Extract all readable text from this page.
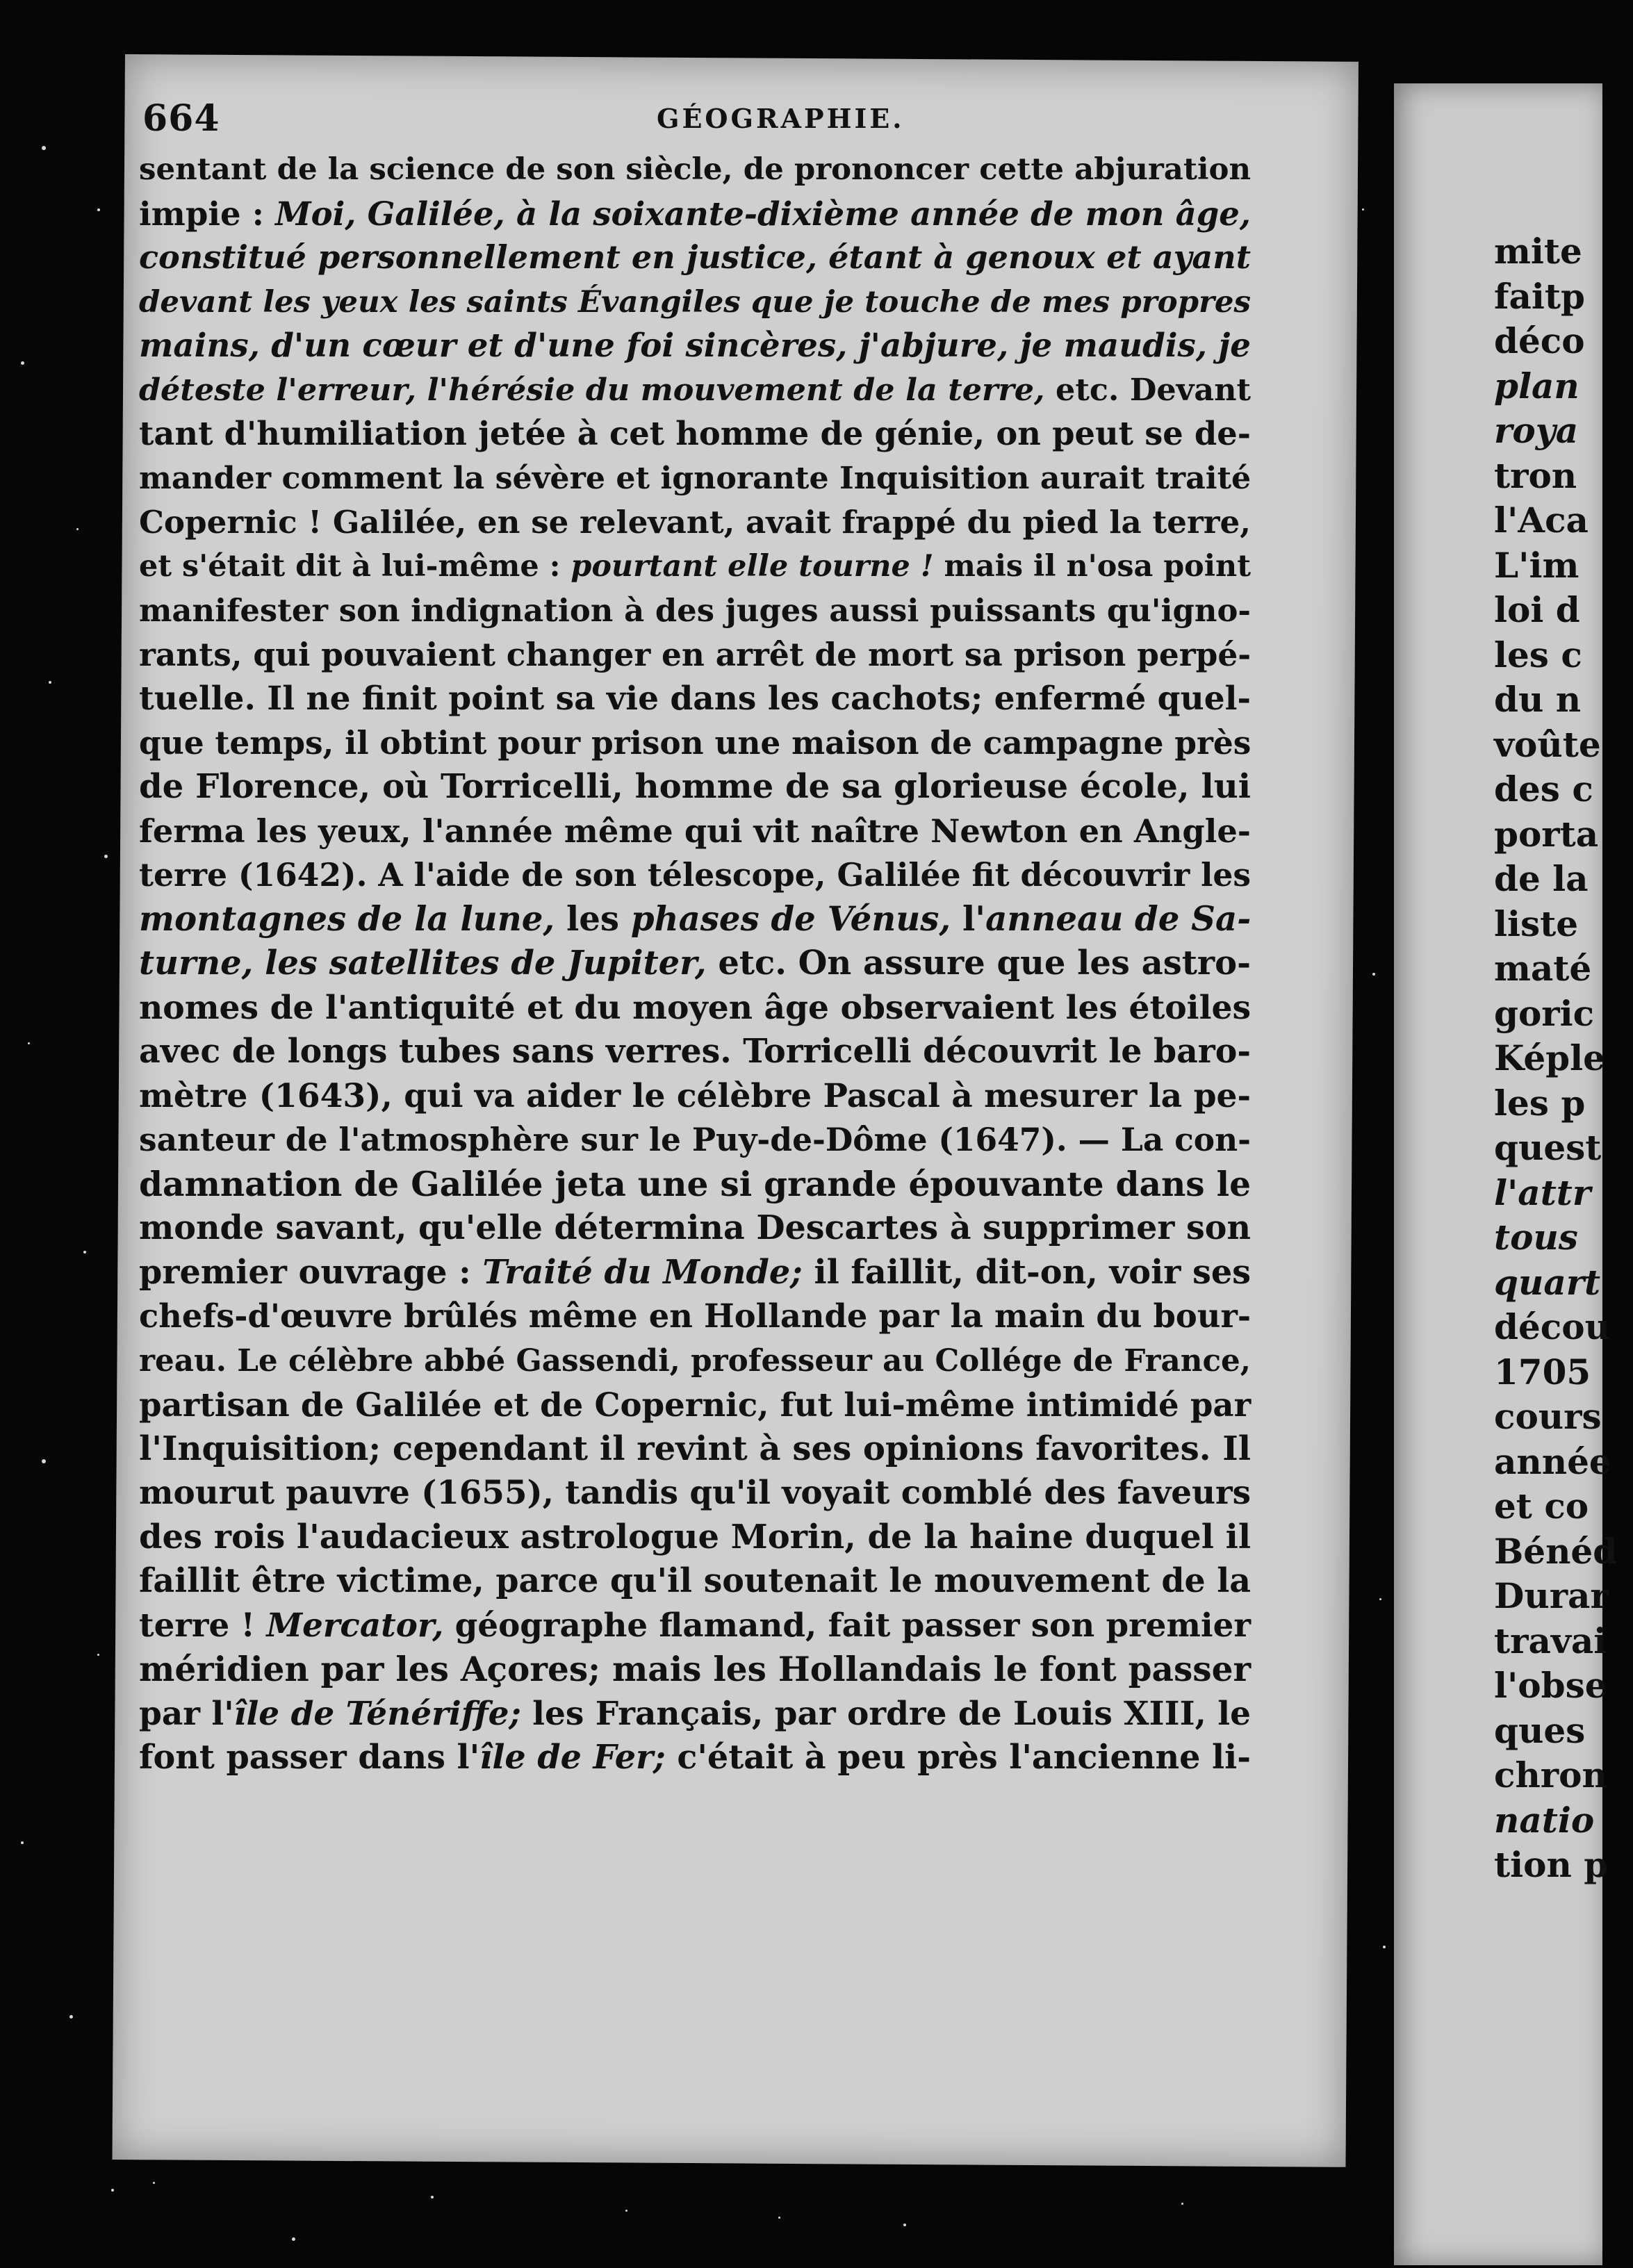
664	GÉOGRAPHIE.
sentant de la science de son siècle, de prononcer cette abjuration
impie : Moi, Galilée, à la soixante-dixième année de mon âge,
constitué personnellement en justice, étant à genoux et ayant
devant les yeux les saints Évangiles que je touche de mes propres
mains, d'un cœur et d'une foi sincères, j'abjure, je maudis, je
déteste l'erreur, l'hérésie du mouvement de la terre, etc. Devant
tant d'humiliation jetée à cet homme de génie, on peut se de-
mander comment la sévère et ignorante Inquisition aurait traité
Copernic ! Galilée, en se relevant, avait frappé du pied la terre,
et s'était dit à lui-même : pourtant elle tourne ! mais il n'osa point
manifester son indignation à des juges aussi puissants qu'igno-
rants, qui pouvaient changer en arrêt de mort sa prison perpé-
tuelle. Il ne finit point sa vie dans les cachots; enfermé quel-
que temps, il obtint pour prison une maison de campagne près
de Florence, où Torricelli, homme de sa glorieuse école, lui
ferma les yeux, l'année même qui vit naître Newton en Angle-
terre (1642). A l'aide de son télescope, Galilée fit découvrir les
montagnes de la lune, les phases de Vénus, l'anneau de Sa-
turne, les satellites de Jupiter, etc. On assure que les astro-
nomes de l'antiquité et du moyen âge observaient les étoiles
avec de longs tubes sans verres. Torricelli découvrit le baro-
mètre (1643), qui va aider le célèbre Pascal à mesurer la pe-
santeur de l'atmosphère sur le Puy-de-Dôme (1647). — La con-
damnation de Galilée jeta une si grande épouvante dans le
monde savant, qu'elle détermina Descartes à supprimer son
premier ouvrage : Traité du Monde; il faillit, dit-on, voir ses
chefs-d'œuvre brûlés même en Hollande par la main du bour-
reau. Le célèbre abbé Gassendi, professeur au Collége de France,
partisan de Galilée et de Copernic, fut lui-même intimidé par
l'Inquisition; cependant il revint à ses opinions favorites. Il
mourut pauvre (1655), tandis qu'il voyait comblé des faveurs
des rois l'audacieux astrologue Morin, de la haine duquel il
faillit être victime, parce qu'il soutenait le mouvement de la
terre ! Mercator, géographe flamand, fait passer son premier
méridien par les Açores; mais les Hollandais le font passer
par l'île de Ténériffe; les Français, par ordre de Louis XIII, le
font passer dans l'île de Fer; c'était à peu près l'ancienne li-
mite
faitp
déco
plan
roya
tron
l'Aca
L'im
loi d
les c
du n
voûte
des c
porta
de la
liste
maté
goric
Képle
les p
quest
l'attr
tous
quart
décou
1705
cours
année
et co
Bénéd
Durar
travai
l'obse
ques
chron
natio
tion p
